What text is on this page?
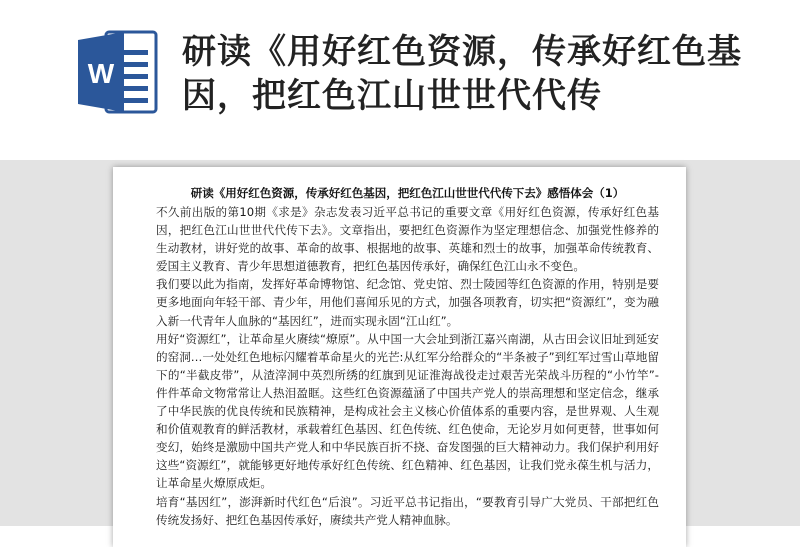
W
研读《用好红色资源，传承好红色基因，把红色江山世世代代传
研读《用好红色资源，传承好红色基因，把红色江山世世代代传下去》感悟体会（1）

不久前出版的第10期《求是》杂志发表习近平总书记的重要文章《用好红色资源，传承好红色基因，把红色江山世世代代传下去》。文章指出，要把红色资源作为坚定理想信念、加强党性修养的生动教材，讲好党的故事、革命的故事、根据地的故事、英雄和烈士的故事，加强革命传统教育、爱国主义教育、青少年思想道德教育，把红色基因传承好，确保红色江山永不变色。

我们要以此为指南，发挥好革命博物馆、纪念馆、党史馆、烈士陵园等红色资源的作用，特别是要更多地面向年轻干部、青少年，用他们喜闻乐见的方式，加强各项教育，切实把“资源红”，变为融入新一代青年人血脉的“基因红”，进而实现永固“江山红”。

用好“资源红”，让革命星火赓续“燎原”。从中国一大会址到浙江嘉兴南湖，从古田会议旧址到延安的窑洞…一处处红色地标闪耀着革命星火的光芒:从红军分给群众的“半条被子”到红军过雪山草地留下的“半截皮带”，从渣滓洞中英烈所绣的红旗到见证淮海战役走过艰苦光荣战斗历程的“小竹竿”-件件革命文物常常让人热泪盈眶。这些红色资源蕴涵了中国共产党人的崇高理想和坚定信念，继承了中华民族的优良传统和民族精神，是构成社会主义核心价值体系的重要内容，是世界观、人生观和价值观教育的鲜活教材，承载着红色基因、红色传统、红色使命，无论岁月如何更替，世事如何变幻，始终是激励中国共产党人和中华民族百折不挠、奋发图强的巨大精神动力。我们保护利用好这些“资源红”，就能够更好地传承好红色传统、红色精神、红色基因，让我们党永葆生机与活力，让革命星火燎原成炬。

培育“基因红”，澎湃新时代红色“后浪”。习近平总书记指出，“要教育引导广大党员、干部把红色传统发扬好、把红色基因传承好，赓续共产党人精神血脉。
